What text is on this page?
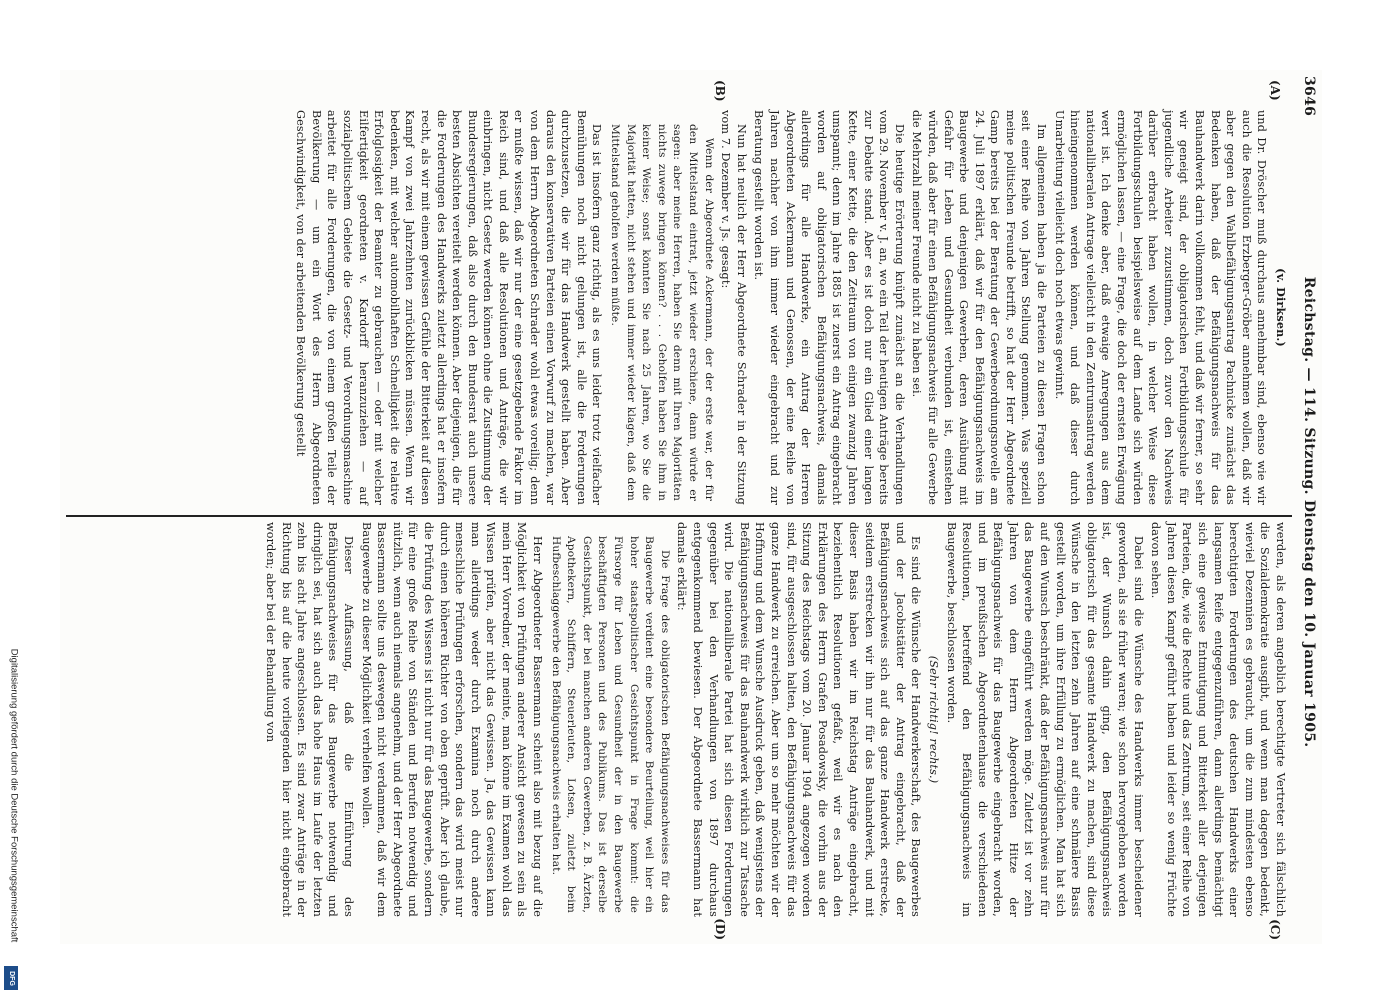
3646
Reichstag. — 114. Sitzung. Dienstag den 10. Januar 1905.
(A)
(B)
(C)
(D)

(v. Dirksen.)

und Dr. Dröscher muß durchaus annehmbar sind, ebenso wie wir auch die Resolution Erzberger-Gröber annehmen wollen, daß wir aber gegen den Wahlbefähigungsantrag Pachnicke zunächst das Bedenken haben, daß der Befähigungsnachweis für das Bauhandwerk darin vollkommen fehlt, und daß wir ferner, so sehr wir geneigt sind, der obligatorischen Fortbildungsschule für jugendliche Arbeiter zuzustimmen, doch zuvor den Nachweis darüber erbracht haben wollen, in welcher Weise diese Fortbildungsschulen beispielsweise auf dem Lande sich würden ermöglichen lassen, — eine Frage, die doch der ernsten Erwägung wert ist. Ich denke aber, daß etwaige Anregungen aus dem nationalliberalen Antrage vielleicht in den Zentrumsantrag werden hineingenommen werden können, und daß dieser durch Umarbeitung vielleicht doch noch etwas gewinnt.

Im allgemeinen haben ja die Parteien zu diesen Fragen schon seit einer Reihe von Jahren Stellung genommen. Was speziell meine politischen Freunde betrifft, so hat der Herr Abgeordnete Gamp bereits bei der Beratung der Gewerbeordnungsnovelle am 24. Juli 1897 erklärt, daß wir für den Befähigungsnachweis im Baugewerbe und denjenigen Gewerben, deren Ausübung mit Gefahr für Leben und Gesundheit verbunden ist, einstehen würden, daß aber für einen Befähigungsnachweis für alle Gewerbe die Mehrzahl meiner Freunde nicht zu haben sei.

Die heutige Erörterung knüpft zunächst an die Verhandlungen vom 29. November v. J. an, wo ein Teil der heutigen Anträge bereits zur Debatte stand. Aber es ist doch nur ein Glied einer langen Kette, einer Kette, die den Zeitraum von einigen zwanzig Jahren umspannt; denn im Jahre 1885 ist zuerst ein Antrag eingebracht worden auf obligatorischen Befähigungsnachweis, damals allerdings für alle Handwerke, ein Antrag der Herren Abgeordneten Ackermann und Genossen, der eine Reihe von Jahren nachher von ihm immer wieder eingebracht und zur Beratung gestellt worden ist.

Nun hat neulich der Herr Abgeordnete Schrader in der Sitzung vom 7. Dezember v. Js. gesagt:

Wenn der Abgeordnete Ackermann, der der erste war, der für den Mittelstand eintrat, jetzt wieder erschiene, dann würde er sagen: aber meine Herren, haben Sie denn mit Ihren Majoritäten nichts zuwege bringen können? . . . Geholfen haben Sie ihm in keiner Weise; sonst könnten Sie nach 25 Jahren, wo Sie die Majorität hatten, nicht stehen und immer wieder klagen, daß dem Mittelstand geholfen werden müßte.

Das ist insofern ganz richtig, als es uns leider trotz vielfacher Bemühungen noch nicht gelungen ist, alle die Forderungen durchzusetzen, die wir für das Handwerk gestellt haben. Aber daraus den konservativen Parteien einen Vorwurf zu machen, war von dem Herrn Abgeordneten Schrader wohl etwas voreilig; denn er mußte wissen, daß wir nur der eine gesetzgebende Faktor im Reich sind, und daß alle Resolutionen und Anträge, die wir einbringen, nicht Gesetz werden können ohne die Zustimmung der Bundesregierungen, daß also durch den Bundesrat auch unsere besten Absichten vereitelt werden können. Aber diejenigen, die für die Forderungen des Handwerks zuletzt allerdings hat er insofern recht, als wir mit einem gewissen Gefühle der Bitterkeit auf diesen Kampf von zwei Jahrzehnten zurückblicken müssen. Wenn wir bedenken, mit welcher automobilhaften Schnelligkeit die relative Erfolglosigkeit der Beamter zu gebrauchen — oder mit welcher Eilfertigkeit geordneten v. Kardorff heranzuziehen — auf sozialpolitischem Gebiete die Gesetz- und Verordnungsmaschine arbeitet für alle Forderungen, die von einem großen Teile der Bevölkerung — um ein Wort des Herrn Abgeordneten Geschwindigkeit, von der arbeitenden Bevölkerung gestellt

werden, als deren angeblich berechtigte Vertreter sich fälschlich die Sozialdemokratie ausgibt, und wenn man dagegen bedenkt, wieviel Dezennien es gebraucht, um die zum mindesten ebenso berechtigten Forderungen des deutschen Handwerks einer langsamen Reife entgegenzuführen, dann allerdings bemächtigt sich eine gewisse Entmutigung und Bitterkeit aller derjenigen Parteien, die, wie die Rechte und das Zentrum, seit einer Reihe von Jahren diesen Kampf geführt haben und leider so wenig Früchte davon sehen.

Dabei sind die Wünsche des Handwerks immer bescheidener geworden, als sie früher waren; wie schon hervorgehoben worden ist, der Wunsch dahin ging, den Befähigungsnachweis obligatorisch für das gesamte Handwerk zu machen, sind diese Wünsche in den letzten zehn Jahren auf eine schmälere Basis gestellt worden, um ihre Erfüllung zu ermöglichen. Man hat sich auf den Wunsch beschränkt, daß der Befähigungsnachweis nur für das Baugewerbe eingeführt werden möge. Zuletzt ist vor zehn Jahren von dem Herrn Abgeordneten Hitze der Befähigungsnachweis für das Baugewerbe eingebracht worden, und im preußischen Abgeordnetenhause die verschiedenen Resolutionen, betreffend den Befähigungsnachweis im Baugewerbe, beschlossen worden.

(Sehr richtig! rechts.)

Es sind die Wünsche der Handwerkerschaft, des Baugewerbes und der Jacobistätter der Antrag eingebracht, daß der Befähigungsnachweis sich auf das ganze Handwerk erstrecke, seitdem erstrecken wir ihn nur für das Bauhandwerk, und mit dieser Basis haben wir im Reichstag Anträge eingebracht, beziehentlich Resolutionen gefaßt, weil wir es nach den Erklärungen des Herrn Grafen Posadowsky, die vorhin aus der Sitzung des Reichstags vom 20. Januar 1904 angezogen worden sind, für ausgeschlossen halten, den Befähigungsnachweis für das ganze Handwerk zu erreichen. Aber um so mehr möchten wir der Hoffnung und dem Wunsche Ausdruck geben, daß wenigstens der Befähigungsnachweis für das Bauhandwerk wirklich zur Tatsache wird. Die nationalliberale Partei hat sich diesen Forderungen gegenüber bei den Verhandlungen von 1897 durchaus entgegenkommend bewiesen. Der Abgeordnete Bassermann hat damals erklärt:

Die Frage des obligatorischen Befähigungsnachweises für das Baugewerbe verdient eine besondere Beurteilung, weil hier ein hoher staatspolitischer Gesichtspunkt in Frage kommt: die Fürsorge für Leben und Gesundheit der in den Baugewerbe beschäftigten Personen und des Publikums. Das ist derselbe Gesichtspunkt, der bei manchen anderen Gewerben, z. B. Ärzten, Apothekern, Schiffern, Steuerleuten, Lotsen, zuletzt beim Hufbeschlaggewerbe den Befähigungsnachweis erhalten hat.

Herr Abgeordneter Bassermann scheint also mit bezug auf die Möglichkeit von Prüfungen anderer Ansicht gewesen zu sein als mein Herr Vorredner, der meinte, man könne im Examen wohl das Wissen prüfen, aber nicht das Gewissen. Ja, das Gewissen kann man allerdings weder durch Examina noch durch andere menschliche Prüfungen erforschen, sondern das wird meist nur durch einen höheren Richter von oben geprüft. Aber ich glaube, die Prüfung des Wissens ist nicht nur für das Baugewerbe, sondern für eine große Reihe von Ständen und Berufen notwendig und nützlich, wenn auch niemals angenehm, und der Herr Abgeordnete Bassermann sollte uns deswegen nicht verdammen, daß wir dem Baugewerbe zu dieser Möglichkeit verhelfen wollen.

Dieser Auffassung, daß die Einführung des Befähigungsnachweises für das Baugewerbe notwendig und dringlich sei, hat sich auch das hohe Haus im Laufe der letzten zehn bis acht Jahre angeschlossen. Es sind zwar Anträge in der Richtung bis auf die heute vorliegenden hier nicht eingebracht worden; aber bei der Behandlung von

Digitalisierung gefördert durch die Deutsche Forschungsgemeinschaft
DFG
